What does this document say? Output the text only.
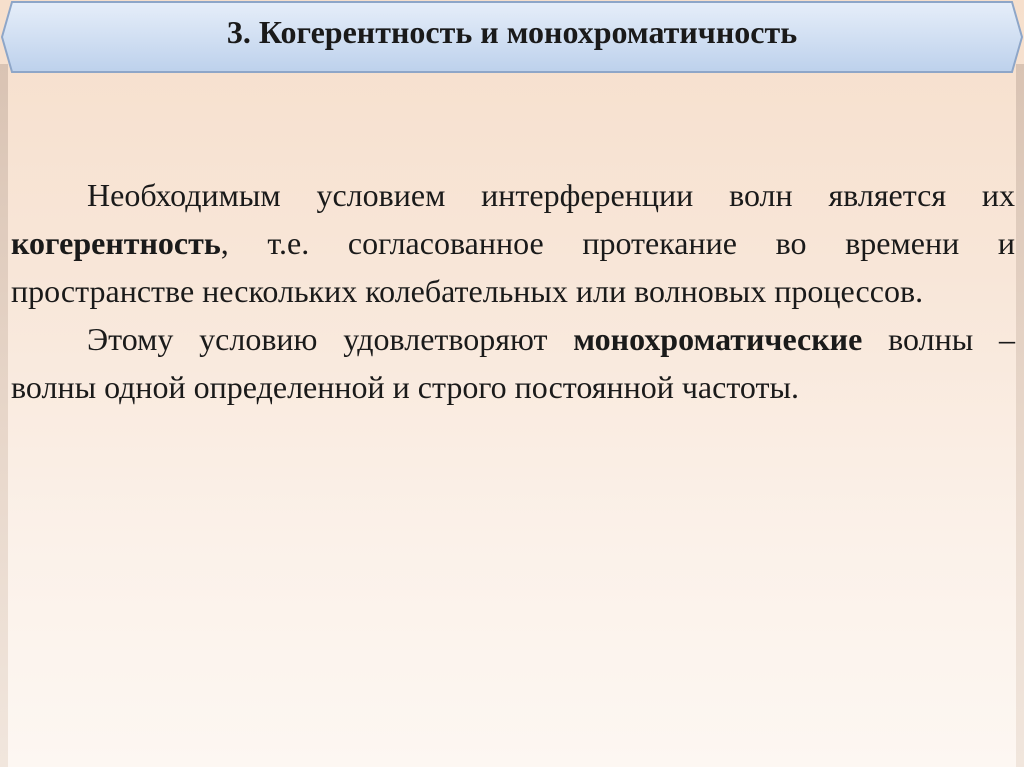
3. Когерентность и монохроматичность

Необходимым условием интерференции волн является их когерентность, т.е. согласованное протекание во времени и пространстве нескольких колебательных или волновых процессов.

Этому условию удовлетворяют монохроматические волны – волны одной определенной и строго постоянной частоты.
